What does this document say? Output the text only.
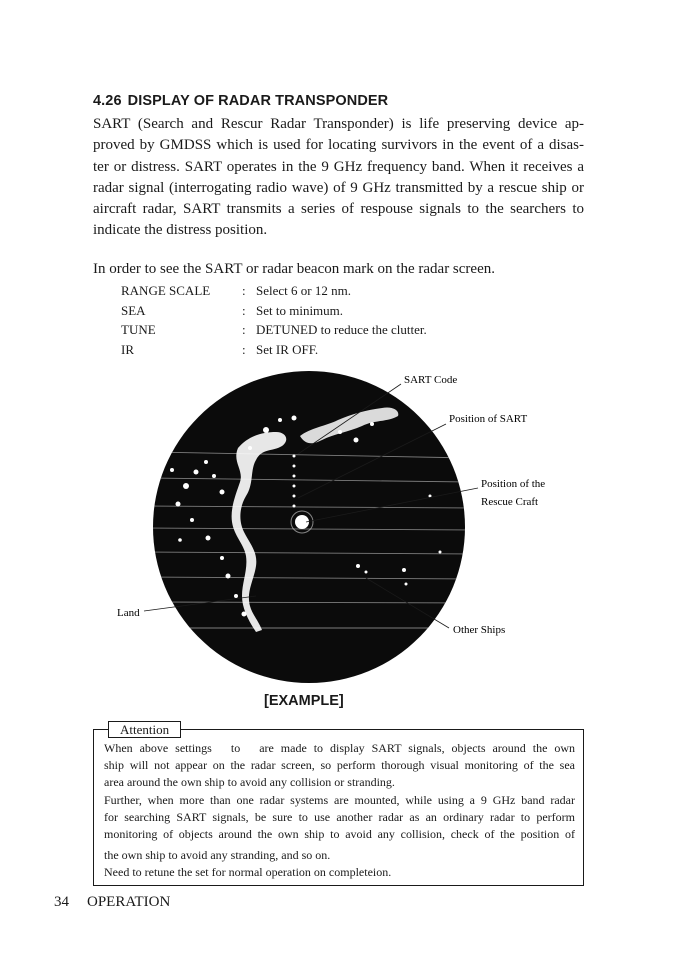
4.26 DISPLAY OF RADAR TRANSPONDER
SART (Search and Rescur Radar Transponder) is life preserving device ap-
proved by GMDSS which is used for locating survivors in the event of a disas-
ter or distress. SART operates in the 9 GHz frequency band. When it receives a
radar signal (interrogating radio wave) of 9 GHz transmitted by a rescue ship or
aircraft radar, SART transmits a series of respouse signals to the searchers to
indicate the distress position.
In order to see the SART or radar beacon mark on the radar screen.
RANGE SCALE : Select 6 or 12 nm.
SEA	: Set to minimum.
TUNE	: DETUNED to reduce the clutter.
IR	: Set IR OFF.
SART Code
Position of SART
Position of the
Rescue Craft
Land
Other Ships
[EXAMPLE]
Attention
When above settings to are made to display SART signals, objects around the own
ship will not appear on the radar screen, so perform thorough visual monitoring of the sea
area around the own ship to avoid any collision or stranding.
Further, when more than one radar systems are mounted, while using a 9 GHz band radar
for searching SART signals, be sure to use another radar as an ordinary radar to perform
monitoring of objects around the own ship to avoid any collision, check of the position of
the own ship to avoid any stranding, and so on.
Need to retune the set for normal operation on completeion.
34 OPERATION
